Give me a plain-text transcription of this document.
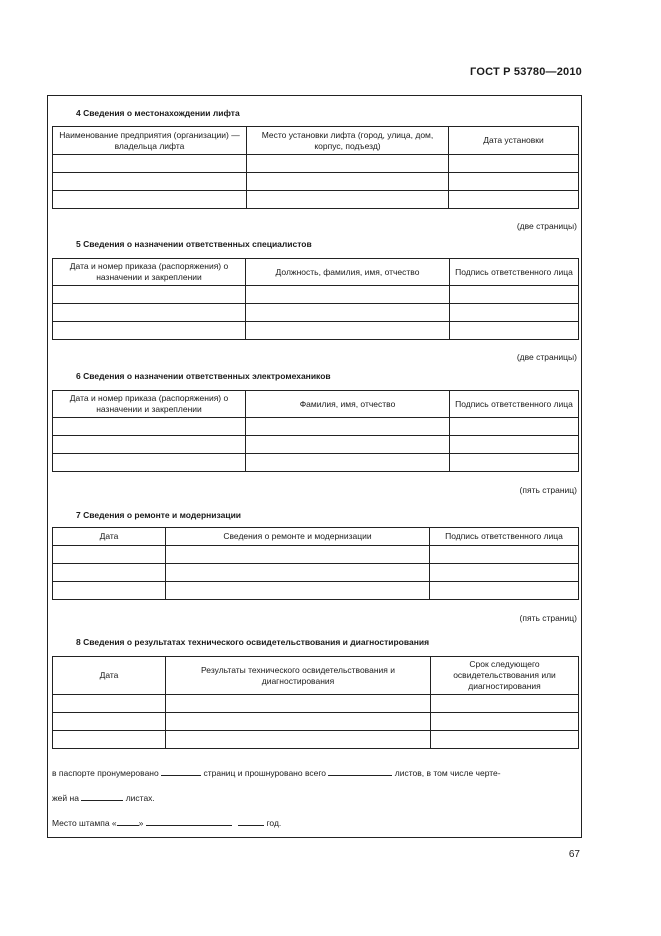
ГОСТ Р 53780—2010
4 Сведения о местонахождении лифта
Наименование предприятия (организации) — владельца лифта	Место установки лифта (город, улица, дом, корпус, подъезд)	Дата установки

(две страницы)
5 Сведения о назначении ответственных специалистов
Дата и номер приказа (распоряжения) о назначении и закреплении	Должность, фамилия, имя, отчество	Подпись ответственного лица

(две страницы)
6 Сведения о назначении ответственных электромехаников
Дата и номер приказа (распоряжения) о назначении и закреплении	Фамилия, имя, отчество	Подпись ответственного лица

(пять страниц)
7 Сведения о ремонте и модернизации
Дата	Сведения о ремонте и модернизации	Подпись ответственного лица

(пять страниц)
8 Сведения о результатах технического освидетельствования и диагностирования
Дата	Результаты технического освидетельствования и диагностирования	Срок следующего освидетельствования или диагностирования

в паспорте пронумеровано	страниц и прошнуровано всего	листов, в том числе черте-
жей на	листах.
Место штампа «	»	год.
67
